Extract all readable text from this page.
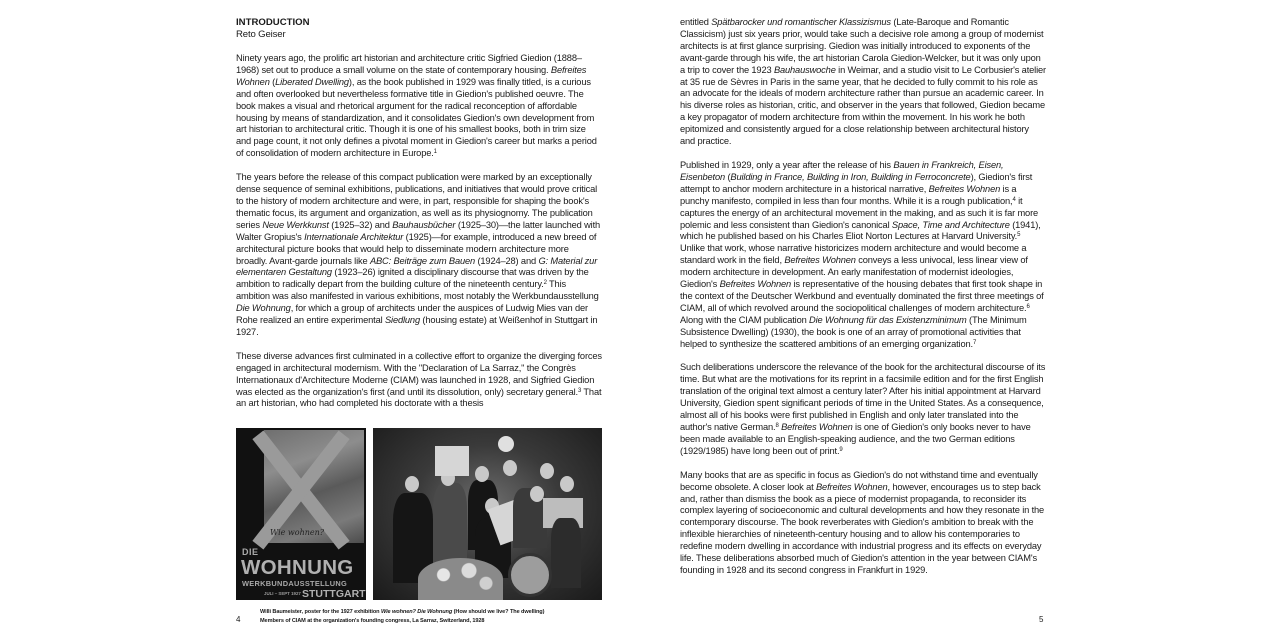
INTRODUCTION
Reto Geiser

Ninety years ago, the prolific art historian and architecture critic Sigfried Giedion (1888–1968) set out to produce a small volume on the state of contemporary housing. Befreites Wohnen (Liberated Dwelling), as the book published in 1929 was finally titled, is a curious and often overlooked but nevertheless formative title in Giedion's published oeuvre. The book makes a visual and rhetorical argument for the radical reconception of affordable housing by means of standardization, and it consolidates Giedion's own development from art historian to architectural critic. Though it is one of his smallest books, both in trim size and page count, it not only defines a pivotal moment in Giedion's career but marks a period of consolidation of modern architecture in Europe.$^1$

The years before the release of this compact publication were marked by an exceptionally dense sequence of seminal exhibitions, publications, and initiatives that would prove critical to the history of modern architecture and were, in part, responsible for shaping the book's thematic focus, its argument and organization, as well as its physiognomy. The publication series Neue Werkkunst (1925–32) and Bauhausbücher (1925–30)—the latter launched with Walter Gropius's Internationale Architektur (1925)—for example, introduced a new breed of architectural picture books that would help to disseminate modern architecture more broadly. Avant-garde journals like ABC: Beiträge zum Bauen (1924–28) and G: Material zur elementaren Gestaltung (1923–26) ignited a disciplinary discourse that was driven by the ambition to radically depart from the building culture of the nineteenth century.$^2$ This ambition was also manifested in various exhibitions, most notably the Werkbundausstellung Die Wohnung, for which a group of architects under the auspices of Ludwig Mies van der Rohe realized an entire experimental Siedlung (housing estate) at Weißenhof in Stuttgart in 1927.

These diverse advances first culminated in a collective effort to organize the diverging forces engaged in architectural modernism. With the "Declaration of La Sarraz," the Congrès Internationaux d'Architecture Moderne (CIAM) was launched in 1928, and Sigfried Giedion was elected as the organization's first (and until its dissolution, only) secretary general.$^3$ That an art historian, who had completed his doctorate with a thesis

Wie wohnen?
DIE
WOHNUNG
WERKBUNDAUSSTELLUNG
JULI – SEPT 1927 STUTTGART
Willi Baumeister, poster for the 1927 exhibition Wie wohnen? Die Wohnung (How should we live? The dwelling)
Members of CIAM at the organization's founding congress, La Sarraz, Switzerland, 1928
4

entitled Spätbarocker und romantischer Klassizismus (Late-Baroque and Romantic Classicism) just six years prior, would take such a decisive role among a group of modernist architects is at first glance surprising. Giedion was initially introduced to exponents of the avant-garde through his wife, the art historian Carola Giedion-Welcker, but it was only upon a trip to cover the 1923 Bauhauswoche in Weimar, and a studio visit to Le Corbusier's atelier at 35 rue de Sèvres in Paris in the same year, that he decided to fully commit to his role as an advocate for the ideals of modern architecture rather than pursue an academic career. In his diverse roles as historian, critic, and observer in the years that followed, Giedion became a key propagator of modern architecture from within the movement. In his work he both epitomized and consistently argued for a close relationship between architectural history and practice.

Published in 1929, only a year after the release of his Bauen in Frankreich, Eisen, Eisenbeton (Building in France, Building in Iron, Building in Ferroconcrete), Giedion's first attempt to anchor modern architecture in a historical narrative, Befreites Wohnen is a punchy manifesto, compiled in less than four months. While it is a rough publication,$^4$ it captures the energy of an architectural movement in the making, and as such it is far more polemic and less consistent than Giedion's canonical Space, Time and Architecture (1941), which he published based on his Charles Eliot Norton Lectures at Harvard University.$^5$ Unlike that work, whose narrative historicizes modern architecture and would become a standard work in the field, Befreites Wohnen conveys a less univocal, less linear view of modern architecture in development. An early manifestation of modernist ideologies, Giedion's Befreites Wohnen is representative of the housing debates that first took shape in the context of the Deutscher Werkbund and eventually dominated the first three meetings of CIAM, all of which revolved around the sociopolitical challenges of modern architecture.$^6$ Along with the CIAM publication Die Wohnung für das Existenzminimum (The Minimum Subsistence Dwelling) (1930), the book is one of an array of promotional activities that helped to synthesize the scattered ambitions of an emerging organization.$^7$

Such deliberations underscore the relevance of the book for the architectural discourse of its time. But what are the motivations for its reprint in a facsimile edition and for the first English translation of the original text almost a century later? After his initial appointment at Harvard University, Giedion spent significant periods of time in the United States. As a consequence, almost all of his books were first published in English and only later translated into the author's native German.$^8$ Befreites Wohnen is one of Giedion's only books never to have been made available to an English-speaking audience, and the two German editions (1929/1985) have long been out of print.$^9$

Many books that are as specific in focus as Giedion's do not withstand time and eventually become obsolete. A closer look at Befreites Wohnen, however, encourages us to step back and, rather than dismiss the book as a piece of modernist propaganda, to reconsider its complex layering of socioeconomic and cultural developments and how they resonate in the contemporary discourse. The book reverberates with Giedion's ambition to break with the inflexible hierarchies of nineteenth-century housing and to allow his contemporaries to redefine modern dwelling in accordance with industrial progress and its effects on everyday life. These deliberations absorbed much of Giedion's attention in the year between CIAM's founding in 1928 and its second congress in Frankfurt in 1929.

5
